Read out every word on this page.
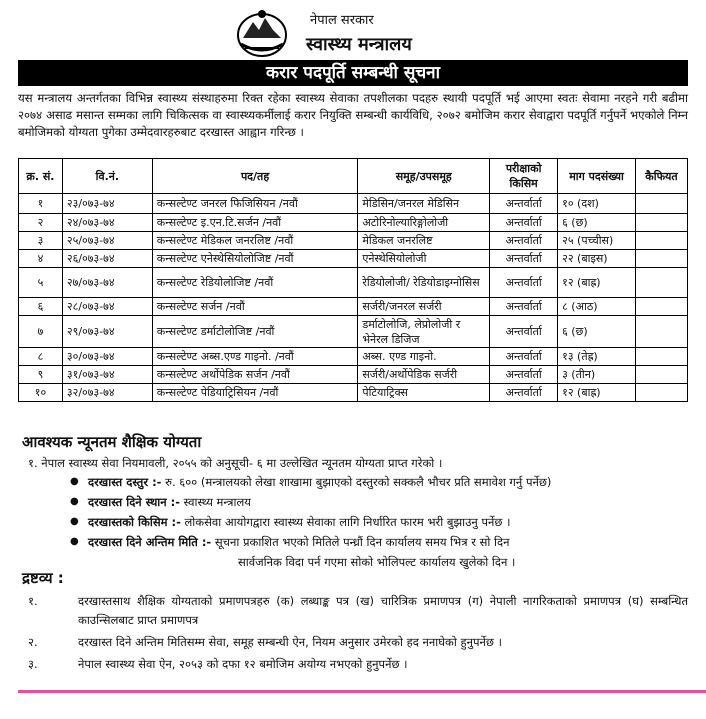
नेपाल सरकार
स्वास्थ्य मन्त्रालय
करार पदपूर्ति सम्बन्धी सूचना
यस मन्त्रालय अन्तर्गतका विभिन्न स्वास्थ्य संस्थाहरुमा रिक्त रहेका स्वास्थ्य सेवाका तपशीलका पदहरु स्थायी पदपूर्ति भई आएमा स्वतः सेवामा नरहने गरी बढीमा २०७४ असाढ मसान्त सम्मका लागि चिकित्सक वा स्वास्थ्यकर्मीलाई करार नियुक्ति सम्बन्धी कार्यविधि, २०७२ बमोजिम करार सेवाद्वारा पदपूर्ति गर्नुपर्ने भएकोले निम्न बमोजिमको योग्यता पुगेका उम्मेदवारहरुबाट दरखास्त आह्वान गरिन्छ ।
क्र. सं.	वि.नं.	पद/तह	समूह/उपसमूह	परीक्षाको किसिम	माग पदसंख्या	कैफियत
१	२३/०७३-७४	कन्सल्टेण्ट जनरल फिजिसियन /नवौं	मेडिसिन/जनरल मेडिसिन	अन्तर्वार्ता	१० (दश)	
२	२४/०७३-७४	कन्सल्टेण्ट इ.एन.टि.सर्जन /नवौं	अटोरिनोल्यारिङ्गोलोजी	अन्तर्वार्ता	६ (छ)	
३	२५/०७३-७४	कन्सल्टेण्ट मेडिकल जनरलिष्ट /नवौं	मेडिकल जनरलिष्ट	अन्तर्वार्ता	२५ (पच्चीस)	
४	२६/०७३-७४	कन्सल्टेण्ट एनेस्थेसियोलोजिष्ट /नवौं	एनेस्थेसियोलोजी	अन्तर्वार्ता	२२ (बाइस)	
५	२७/०७३-७४	कन्सल्टेण्ट रेडियोलोजिष्ट /नवौं	रेडियोलोजी/ रेडियोडाइग्नोसिस	अन्तर्वार्ता	१२ (बाह्र)	
६	२८/०७३-७४	कन्सल्टेण्ट सर्जन /नवौं	सर्जरी/जनरल सर्जरी	अन्तर्वार्ता	८ (आठ)	
७	२९/०७३-७४	कन्सल्टेण्ट डर्माटोलोजिष्ट /नवौं	डर्माटोलोजि, लेप्रोलोजी र भेनेरल डिजिज	अन्तर्वार्ता	६ (छ)	
८	३०/०७३-७४	कन्सल्टेण्ट अब्स.एण्ड गाइनो. /नवौं	अब्स. एण्ड गाइनो.	अन्तर्वार्ता	१३ (तेह्र)	
९	३१/०७३-७४	कन्सल्टेण्ट अर्थोपेडिक सर्जन /नवौं	सर्जरी/अर्थोपेडिक सर्जरी	अन्तर्वार्ता	३ (तीन)	
१०	३२/०७३-७४	कन्सल्टेण्ट पेडियाट्रिसियन /नवौं	पेटियाट्रिक्स	अन्तर्वार्ता	१२ (बाह्र)	
आवश्यक न्यूनतम शैक्षिक योग्यता
१. नेपाल स्वास्थ्य सेवा नियमावली, २०५५ को अनुसूची- ६ मा उल्लेखित न्यूनतम योग्यता प्राप्त गरेको ।
● दरखास्त दस्तुर :- रु. ६०० (मन्त्रालयको लेखा शाखामा बुझाएको दस्तुरको सक्कलै भौचर प्रति समावेश गर्नु पर्नेछ)
● दरखास्त दिने स्थान :- स्वास्थ्य मन्त्रालय
● दरखास्तको किसिम :- लोकसेवा आयोगद्वारा स्वास्थ्य सेवाका लागि निर्धारित फारम भरी बुझाउनु पर्नेछ ।
● दरखास्त दिने अन्तिम मिति :- सूचना प्रकाशित भएको मितिले पन्ध्रौं दिन कार्यालय समय भित्र र सो दिन
सार्वजनिक विदा पर्न गएमा सोको भोलिपल्ट कार्यालय खुलेको दिन ।
द्रष्टव्य :
१.	दरखास्तसाथ शैक्षिक योग्यताको प्रमाणपत्रहरु (क) लब्धाङ्क पत्र (ख) चारित्रिक प्रमाणपत्र (ग) नेपाली नागरिकताको प्रमाणपत्र (घ) सम्बन्धित काउन्सिलबाट प्राप्त प्रमाणपत्र
२.	दरखास्त दिने अन्तिम मितिसम्म सेवा, समूह सम्बन्धी ऐन, नियम अनुसार उमेरको हद ननाघेको हुनुपर्नेछ ।
३.	नेपाल स्वास्थ्य सेवा ऐन, २०५३ को दफा १२ बमोजिम अयोग्य नभएको हुनुपर्नेछ ।
